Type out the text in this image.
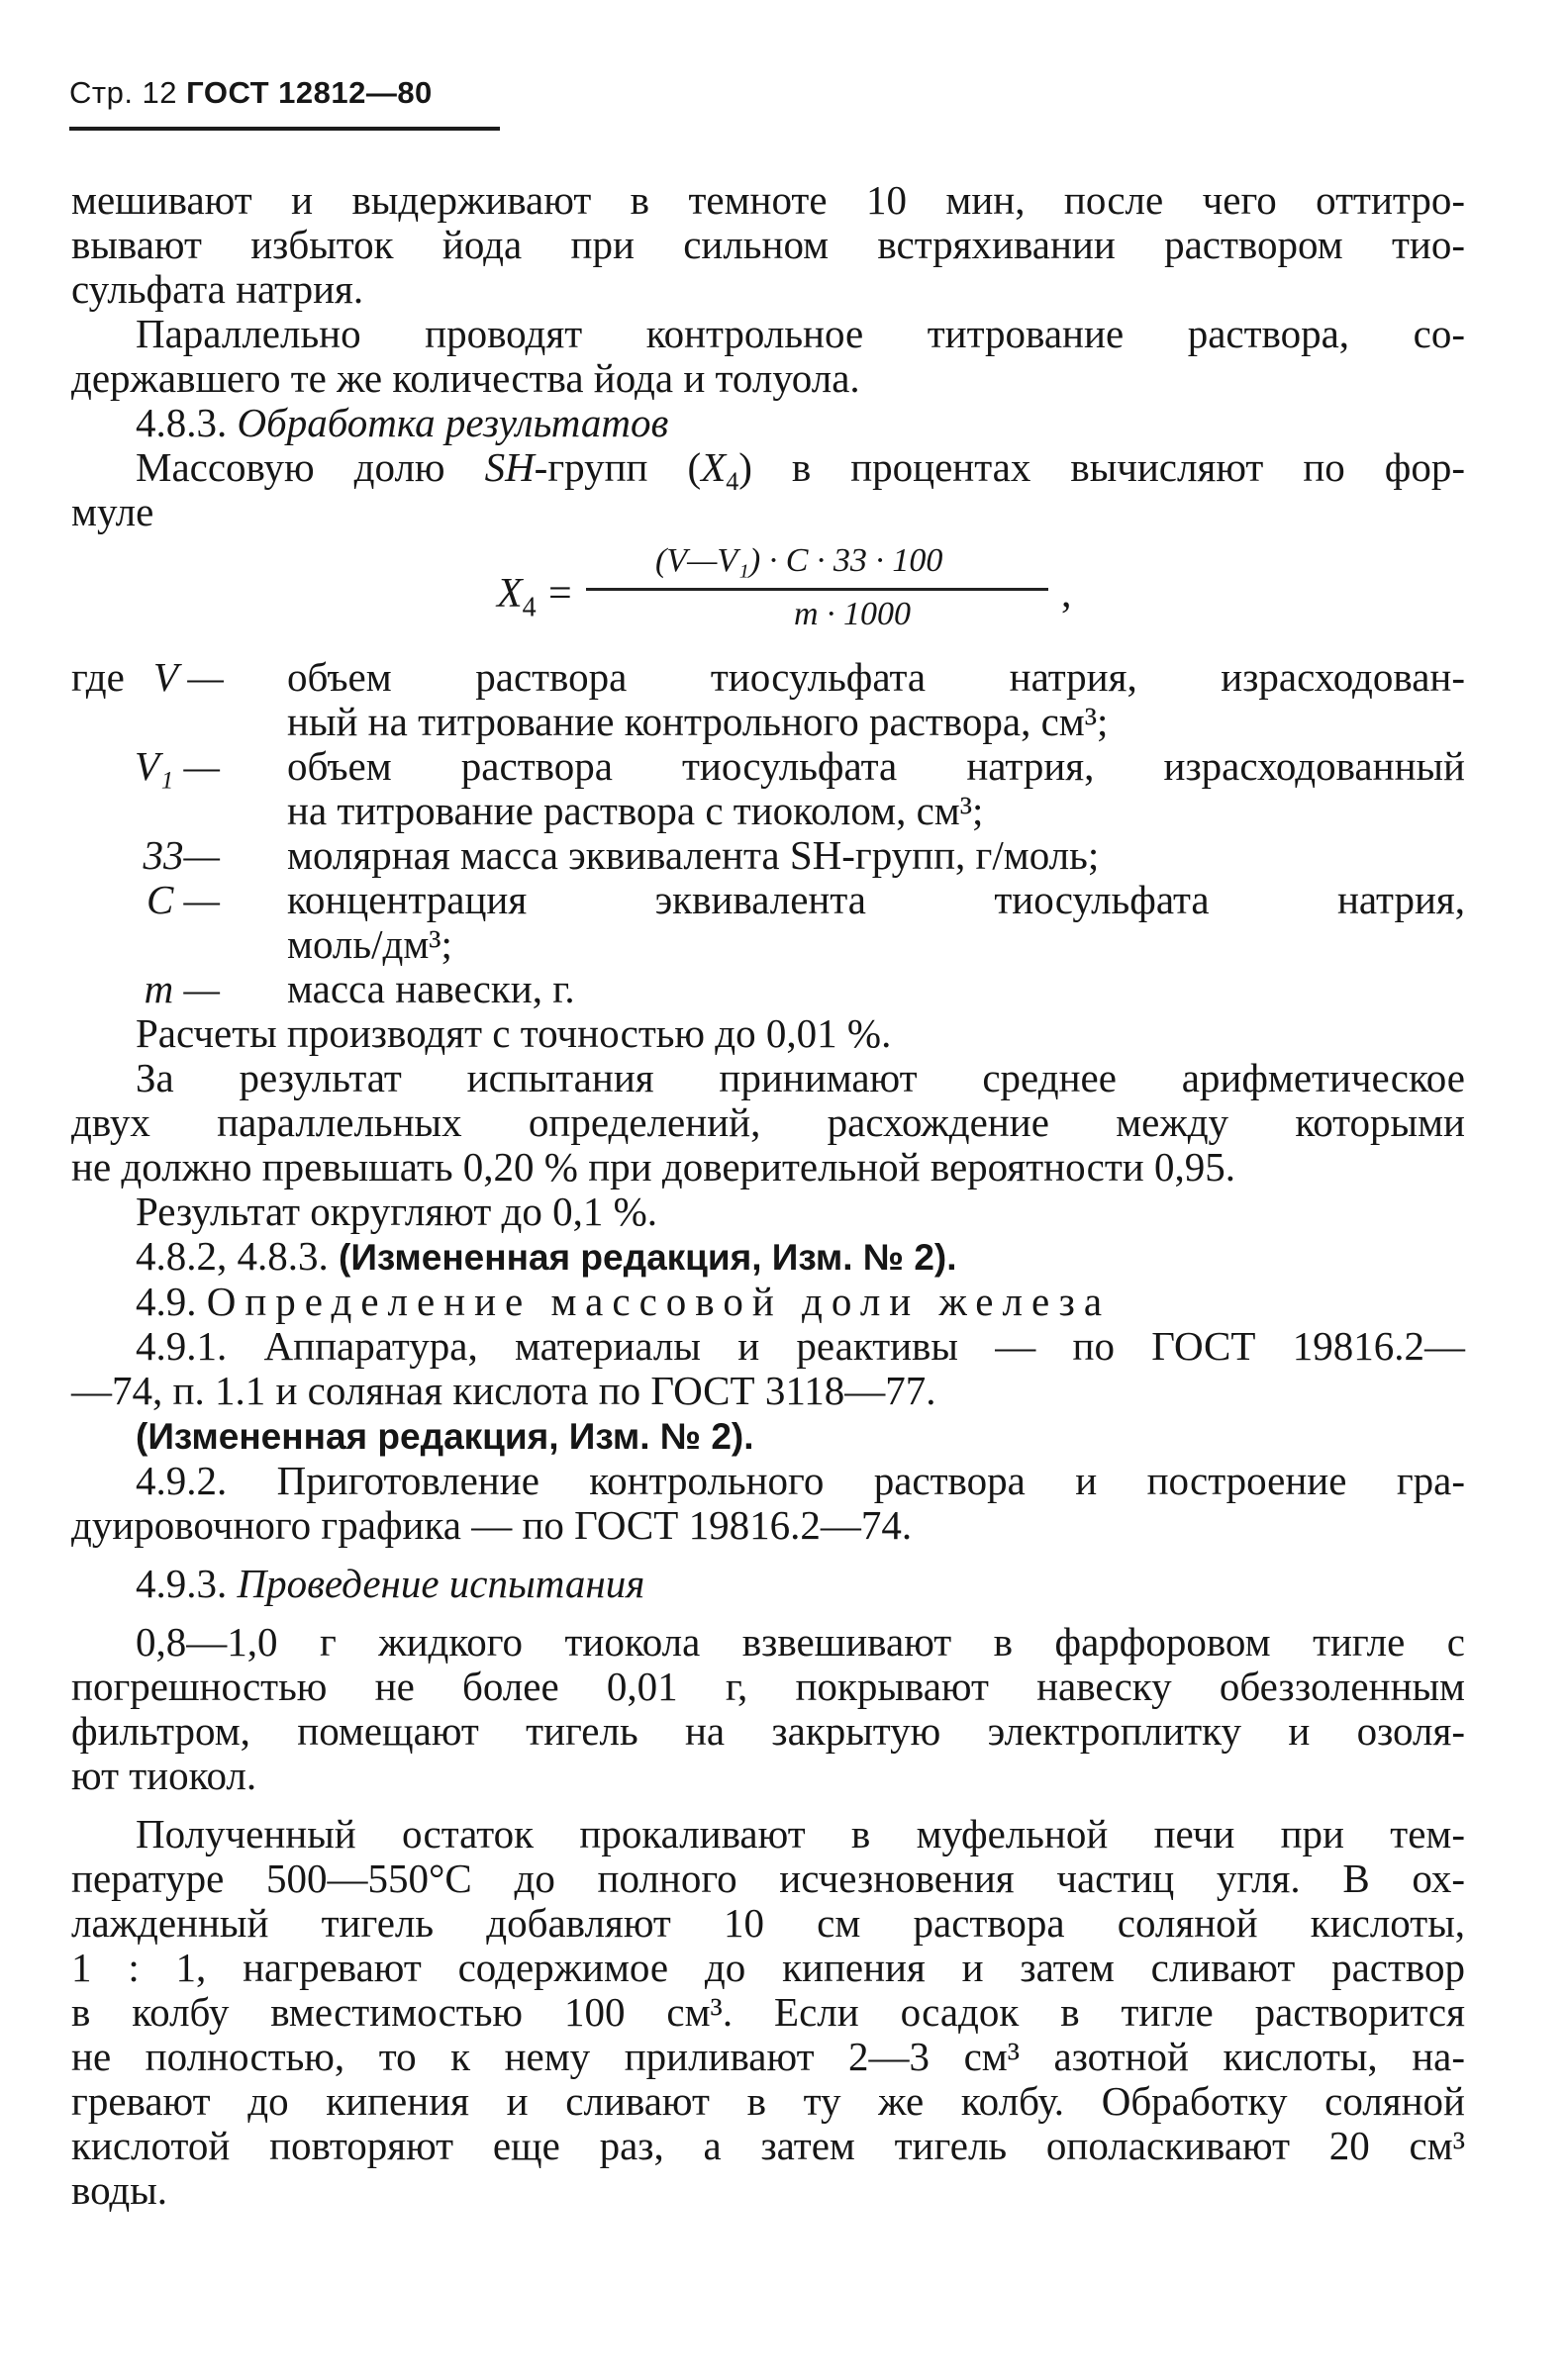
Стр. 12 ГОСТ 12812—80

мешивают и выдерживают в темноте 10 мин, после чего оттитро-
вывают избыток йода при сильном встряхивании раствором тио-
сульфата натрия.

Параллельно проводят контрольное титрование раствора, со-
державшего те же количества йода и толуола.

4.8.3. Обработка результатов

Массовую долю SH-групп $(X_4)$ в процентах вычисляют по фор-
муле

$X_4$ =
(V—V₁) · C · 33 · 100
m · 1000	,
где V —	объем раствора тиосульфата натрия, израсходован-
ный на титрование контрольного раствора, см³;
V₁ —	объем раствора тиосульфата натрия, израсходованный
на титрование раствора с тиоколом, см³;
33—	молярная масса эквивалента SH-групп, г/моль;
C —	концентрация эквивалента тиосульфата натрия,
моль/дм³;
m —	масса навески, г.

Расчеты производят с точностью до 0,01 %.

За результат испытания принимают среднее арифметическое
двух параллельных определений, расхождение между которыми
не должно превышать 0,20 % при доверительной вероятности 0,95.

Результат округляют до 0,1 %.

4.8.2, 4.8.3. (Измененная редакция, Изм. № 2).

4.9. Определение массовой доли железа

4.9.1. Аппаратура, материалы и реактивы — по ГОСТ 19816.2—
—74, п. 1.1 и соляная кислота по ГОСТ 3118—77.

(Измененная редакция, Изм. № 2).

4.9.2. Приготовление контрольного раствора и построение гра-
дуировочного графика — по ГОСТ 19816.2—74.

4.9.3. Проведение испытания

0,8—1,0 г жидкого тиокола взвешивают в фарфоровом тигле с
погрешностью не более 0,01 г, покрывают навеску обеззоленным
фильтром, помещают тигель на закрытую электроплитку и озоля-
ют тиокол.

Полученный остаток прокаливают в муфельной печи при тем-
пературе 500—550°C до полного исчезновения частиц угля. В ох-
лажденный тигель добавляют 10 см раствора соляной кислоты,
1 : 1, нагревают содержимое до кипения и затем сливают раствор
в колбу вместимостью 100 см³. Если осадок в тигле растворится
не полностью, то к нему приливают 2—3 см³ азотной кислоты, на-
гревают до кипения и сливают в ту же колбу. Обработку соляной
кислотой повторяют еще раз, а затем тигель ополаскивают 20 см³
воды.
